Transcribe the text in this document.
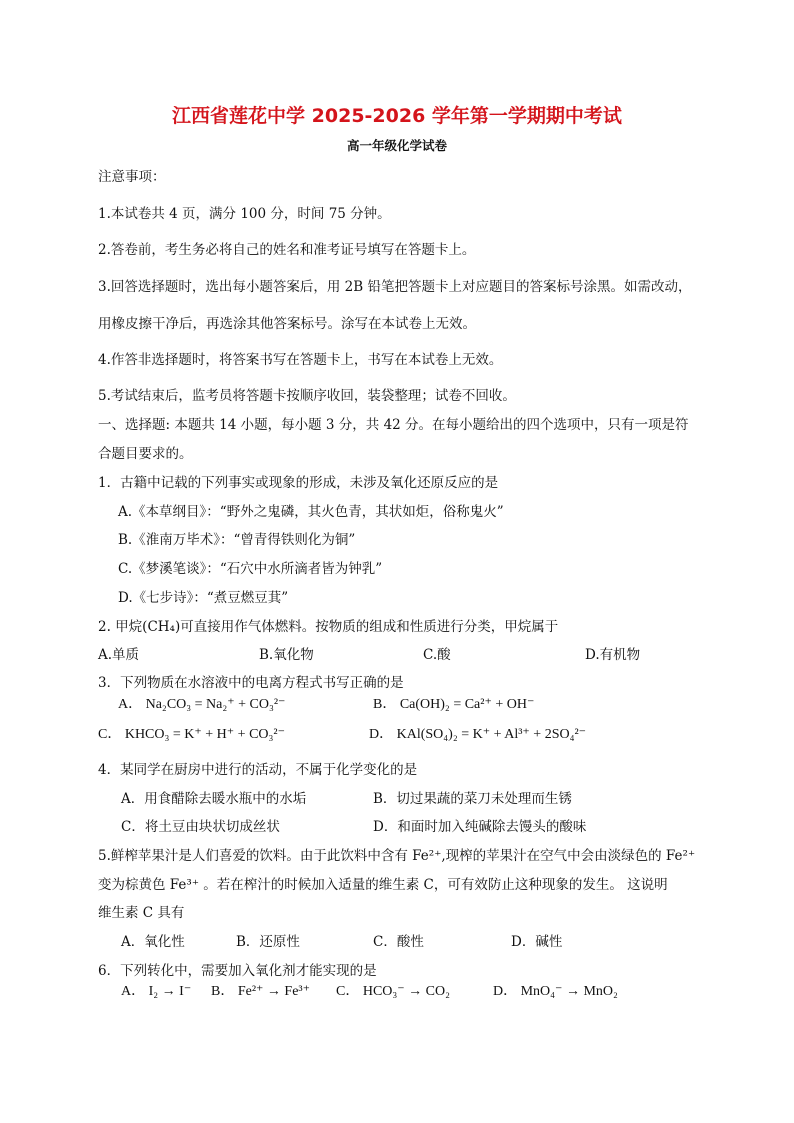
江西省莲花中学 2025-2026 学年第一学期期中考试
高一年级化学试卷
注意事项：
1.本试卷共 4 页，满分 100 分，时间 75 分钟。
2.答卷前，考生务必将自己的姓名和准考证号填写在答题卡上。
3.回答选择题时，选出每小题答案后，用 2B 铅笔把答题卡上对应题目的答案标号涂黑。如需改动，
用橡皮擦干净后，再选涂其他答案标号。涂写在本试卷上无效。
4.作答非选择题时，将答案书写在答题卡上，书写在本试卷上无效。
5.考试结束后，监考员将答题卡按顺序收回，装袋整理；试卷不回收。
一、选择题: 本题共 14 小题，每小题 3 分，共 42 分。在每小题给出的四个选项中，只有一项是符
合题目要求的。
1．古籍中记载的下列事实或现象的形成，未涉及氧化还原反应的是
A.《本草纲目》：“野外之鬼磷，其火色青，其状如炬，俗称鬼火”
B.《淮南万毕术》：“曾青得铁则化为铜”
C.《梦溪笔谈》：“石穴中水所滴者皆为钟乳”
D.《七步诗》：“煮豆燃豆萁”
2. 甲烷(CH₄)可直接用作气体燃料。按物质的组成和性质进行分类，甲烷属于
A.单质	B.氧化物	C.酸	D.有机物
3．下列物质在水溶液中的电离方程式书写正确的是
A． Na₂CO₃ = Na₂⁺ + CO₃²⁻	B． Ca(OH)₂ = Ca²⁺ + OH⁻
C． KHCO₃ = K⁺ + H⁺ + CO₃²⁻	D． KAl(SO₄)₂ = K⁺ + Al³⁺ + 2SO₄²⁻
4．某同学在厨房中进行的活动，不属于化学变化的是
A．用食醋除去暖水瓶中的水垢	B．切过果蔬的菜刀未处理而生锈
C．将土豆由块状切成丝状	D．和面时加入纯碱除去馒头的酸味
5.鲜榨苹果汁是人们喜爱的饮料。由于此饮料中含有 Fe²⁺,现榨的苹果汁在空气中会由淡绿色的 Fe²⁺
变为棕黄色 Fe³⁺ 。若在榨汁的时候加入适量的维生素 C，可有效防止这种现象的发生。 这说明
维生素 C 具有
A．氧化性	B．还原性	C．酸性	D．碱性
6．下列转化中，需要加入氧化剂才能实现的是
A． I₂ → I⁻ B． Fe²⁺ → Fe³⁺ C． HCO₃⁻ → CO₂	D． MnO₄⁻ → MnO₂
